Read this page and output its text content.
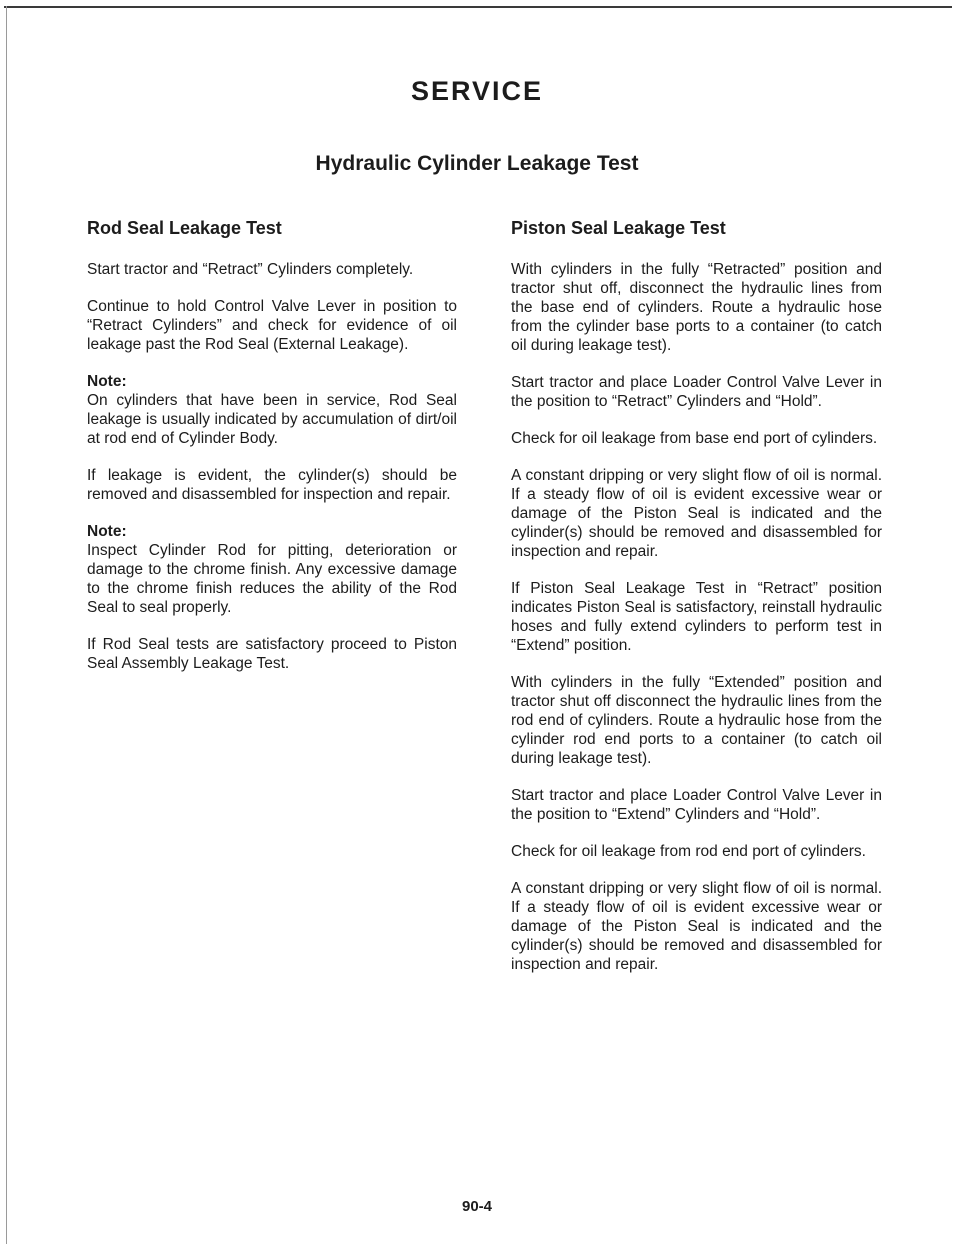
SERVICE
Hydraulic Cylinder Leakage Test
Rod Seal Leakage Test

Start tractor and “Retract” Cylinders completely.

Continue to hold Control Valve Lever in position to “Retract Cylinders” and check for evidence of oil leakage past the Rod Seal (External Leakage).

Note:
On cylinders that have been in service, Rod Seal leakage is usually indicated by accumulation of dirt/oil at rod end of Cylinder Body.

If leakage is evident, the cylinder(s) should be removed and disassembled for inspection and repair.

Note:
Inspect Cylinder Rod for pitting, deterioration or damage to the chrome finish. Any excessive damage to the chrome finish reduces the ability of the Rod Seal to seal properly.

If Rod Seal tests are satisfactory proceed to Piston Seal Assembly Leakage Test.

Piston Seal Leakage Test

With cylinders in the fully “Retracted” position and tractor shut off, disconnect the hydraulic lines from the base end of cylinders. Route a hydraulic hose from the cylinder base ports to a container (to catch oil during leakage test).

Start tractor and place Loader Control Valve Lever in the position to “Retract” Cylinders and “Hold”.

Check for oil leakage from base end port of cylinders.

A constant dripping or very slight flow of oil is normal. If a steady flow of oil is evident excessive wear or damage of the Piston Seal is indicated and the cylinder(s) should be removed and disassembled for inspection and repair.

If Piston Seal Leakage Test in “Retract” position indicates Piston Seal is satisfactory, reinstall hydraulic hoses and fully extend cylinders to perform test in “Extend” position.

With cylinders in the fully “Extended” position and tractor shut off disconnect the hydraulic lines from the rod end of cylinders. Route a hydraulic hose from the cylinder rod end ports to a container (to catch oil during leakage test).

Start tractor and place Loader Control Valve Lever in the position to “Extend” Cylinders and “Hold”.

Check for oil leakage from rod end port of cylinders.

A constant dripping or very slight flow of oil is normal. If a steady flow of oil is evident excessive wear or damage of the Piston Seal is indicated and the cylinder(s) should be removed and disassembled for inspection and repair.

90-4
